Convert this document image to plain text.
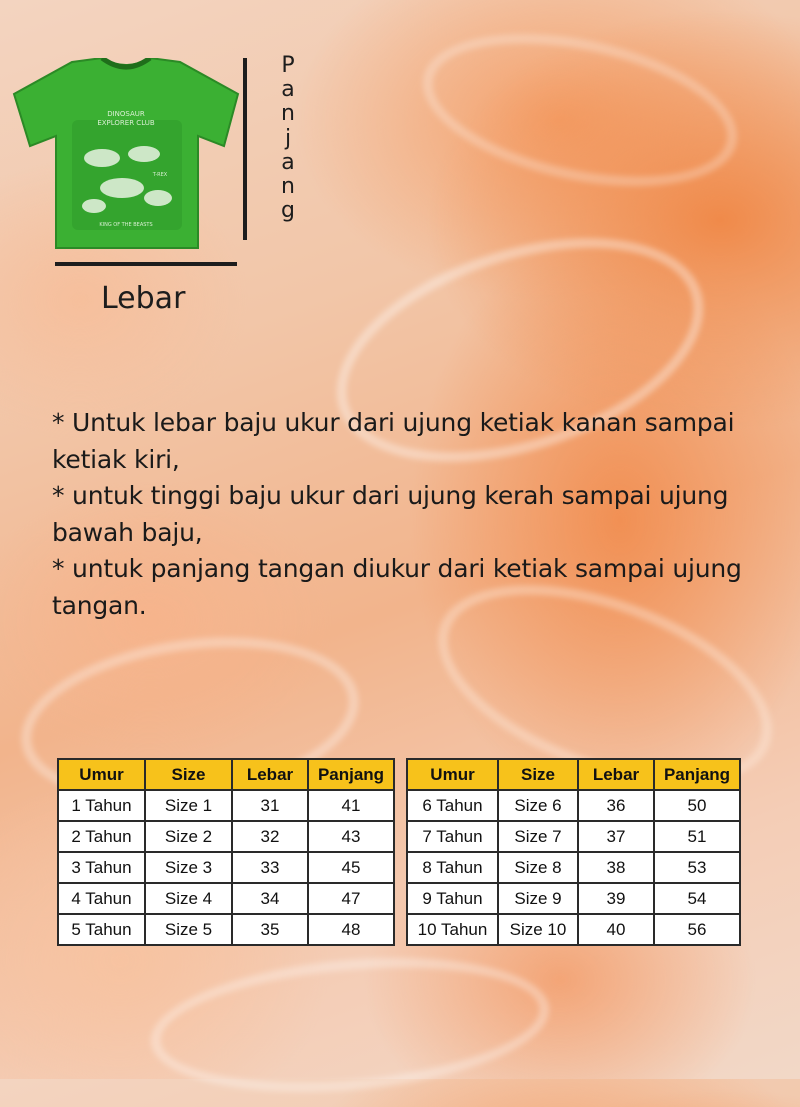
DINOSAUR
EXPLORER CLUB
T-REX
KING OF THE BEASTS
P
a
n
j
a
n
g
Lebar

* Untuk lebar baju ukur dari ujung ketiak kanan sampai ketiak kiri,

* untuk tinggi baju ukur dari ujung kerah sampai ujung bawah baju,

* untuk panjang tangan diukur dari ketiak sampai ujung tangan.

Umur	Size	Lebar	Panjang
1 Tahun	Size 1	31	41
2 Tahun	Size 2	32	43
3 Tahun	Size 3	33	45
4 Tahun	Size 4	34	47
5 Tahun	Size 5	35	48
Umur	Size	Lebar	Panjang
6 Tahun	Size 6	36	50
7 Tahun	Size 7	37	51
8 Tahun	Size 8	38	53
9 Tahun	Size 9	39	54
10 Tahun	Size 10	40	56
